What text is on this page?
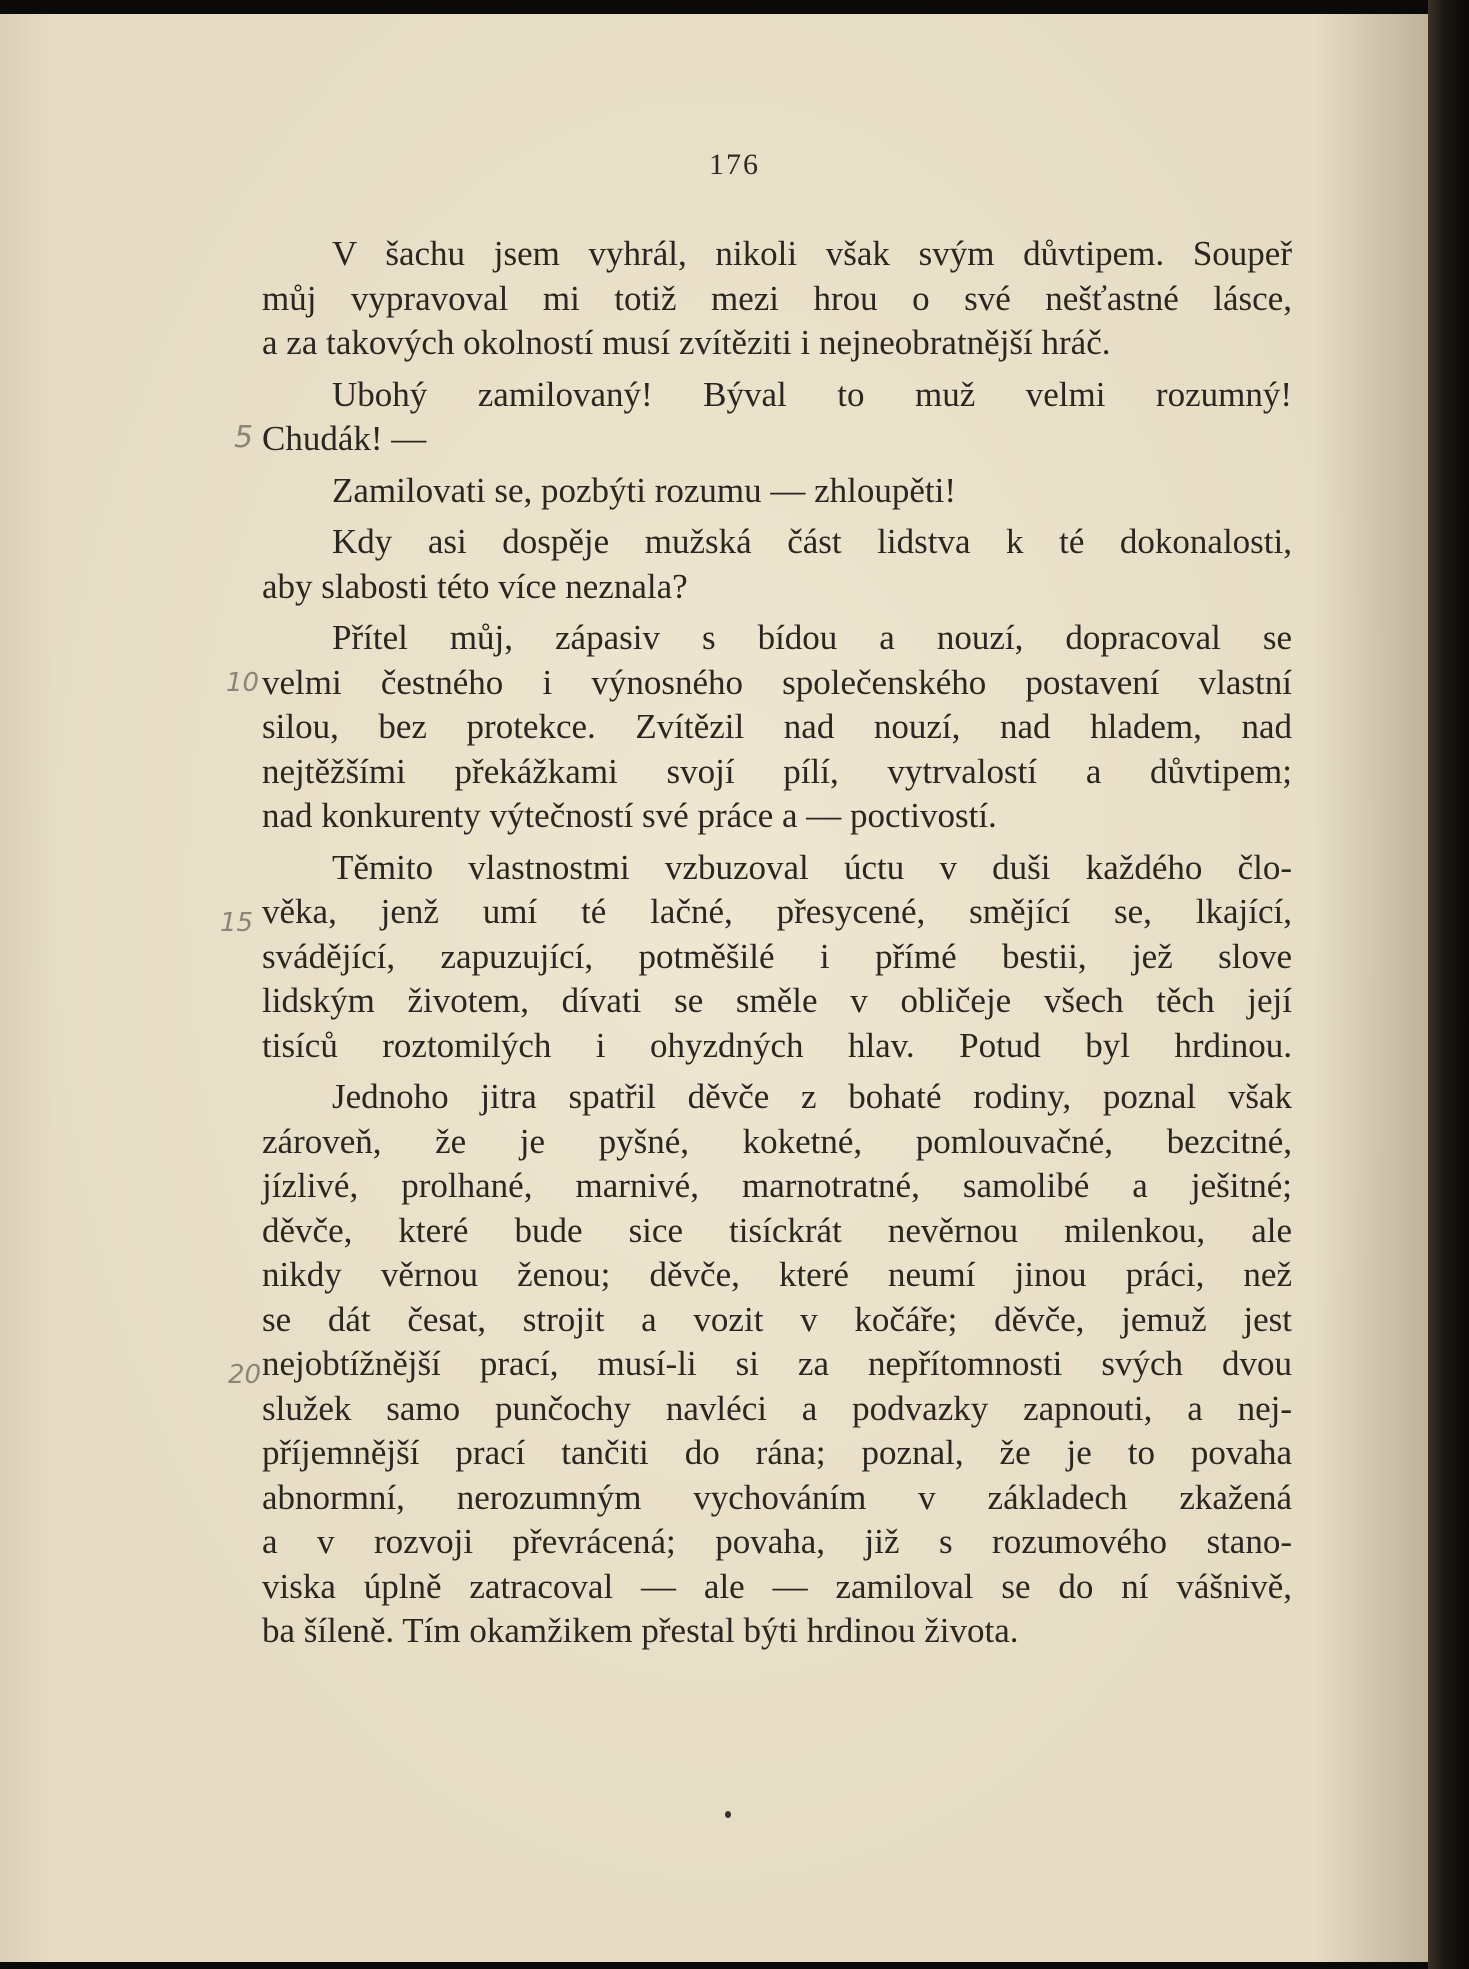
176
5
10
15
20
V šachu jsem vyhrál, nikoli však svým důvtipem. Soupeř
můj vypravoval mi totiž mezi hrou o své nešťastné lásce,
a za takových okolností musí zvítěziti i nejneobratnější hráč.
Ubohý zamilovaný! Býval to muž velmi rozumný!
Chudák! —
Zamilovati se, pozbýti rozumu — zhloupěti!
Kdy asi dospěje mužská část lidstva k té dokonalosti,
aby slabosti této více neznala?
Přítel můj, zápasiv s bídou a nouzí, dopracoval se
velmi čestného i výnosného společenského postavení vlastní
silou, bez protekce. Zvítězil nad nouzí, nad hladem, nad
nejtěžšími překážkami svojí pílí, vytrvalostí a důvtipem;
nad konkurenty výtečností své práce a — poctivostí.
Těmito vlastnostmi vzbuzoval úctu v duši každého člo-
věka, jenž umí té lačné, přesycené, smějící se, lkající,
svádějící, zapuzující, potměšilé i přímé bestii, jež slove
lidským životem, dívati se směle v obličeje všech těch její
tisíců roztomilých i ohyzdných hlav. Potud byl hrdinou.
Jednoho jitra spatřil děvče z bohaté rodiny, poznal však
zároveň, že je pyšné, koketné, pomlouvačné, bezcitné,
jízlivé, prolhané, marnivé, marnotratné, samolibé a ješitné;
děvče, které bude sice tisíckrát nevěrnou milenkou, ale
nikdy věrnou ženou; děvče, které neumí jinou práci, než
se dát česat, strojit a vozit v kočáře; děvče, jemuž jest
nejobtížnější prací, musí-li si za nepřítomnosti svých dvou
služek samo punčochy navléci a podvazky zapnouti, a nej-
příjemnější prací tančiti do rána; poznal, že je to povaha
abnormní, nerozumným vychováním v základech zkažená
a v rozvoji převrácená; povaha, již s rozumového stano-
viska úplně zatracoval — ale — zamiloval se do ní vášnivě,
ba šíleně. Tím okamžikem přestal býti hrdinou života.
